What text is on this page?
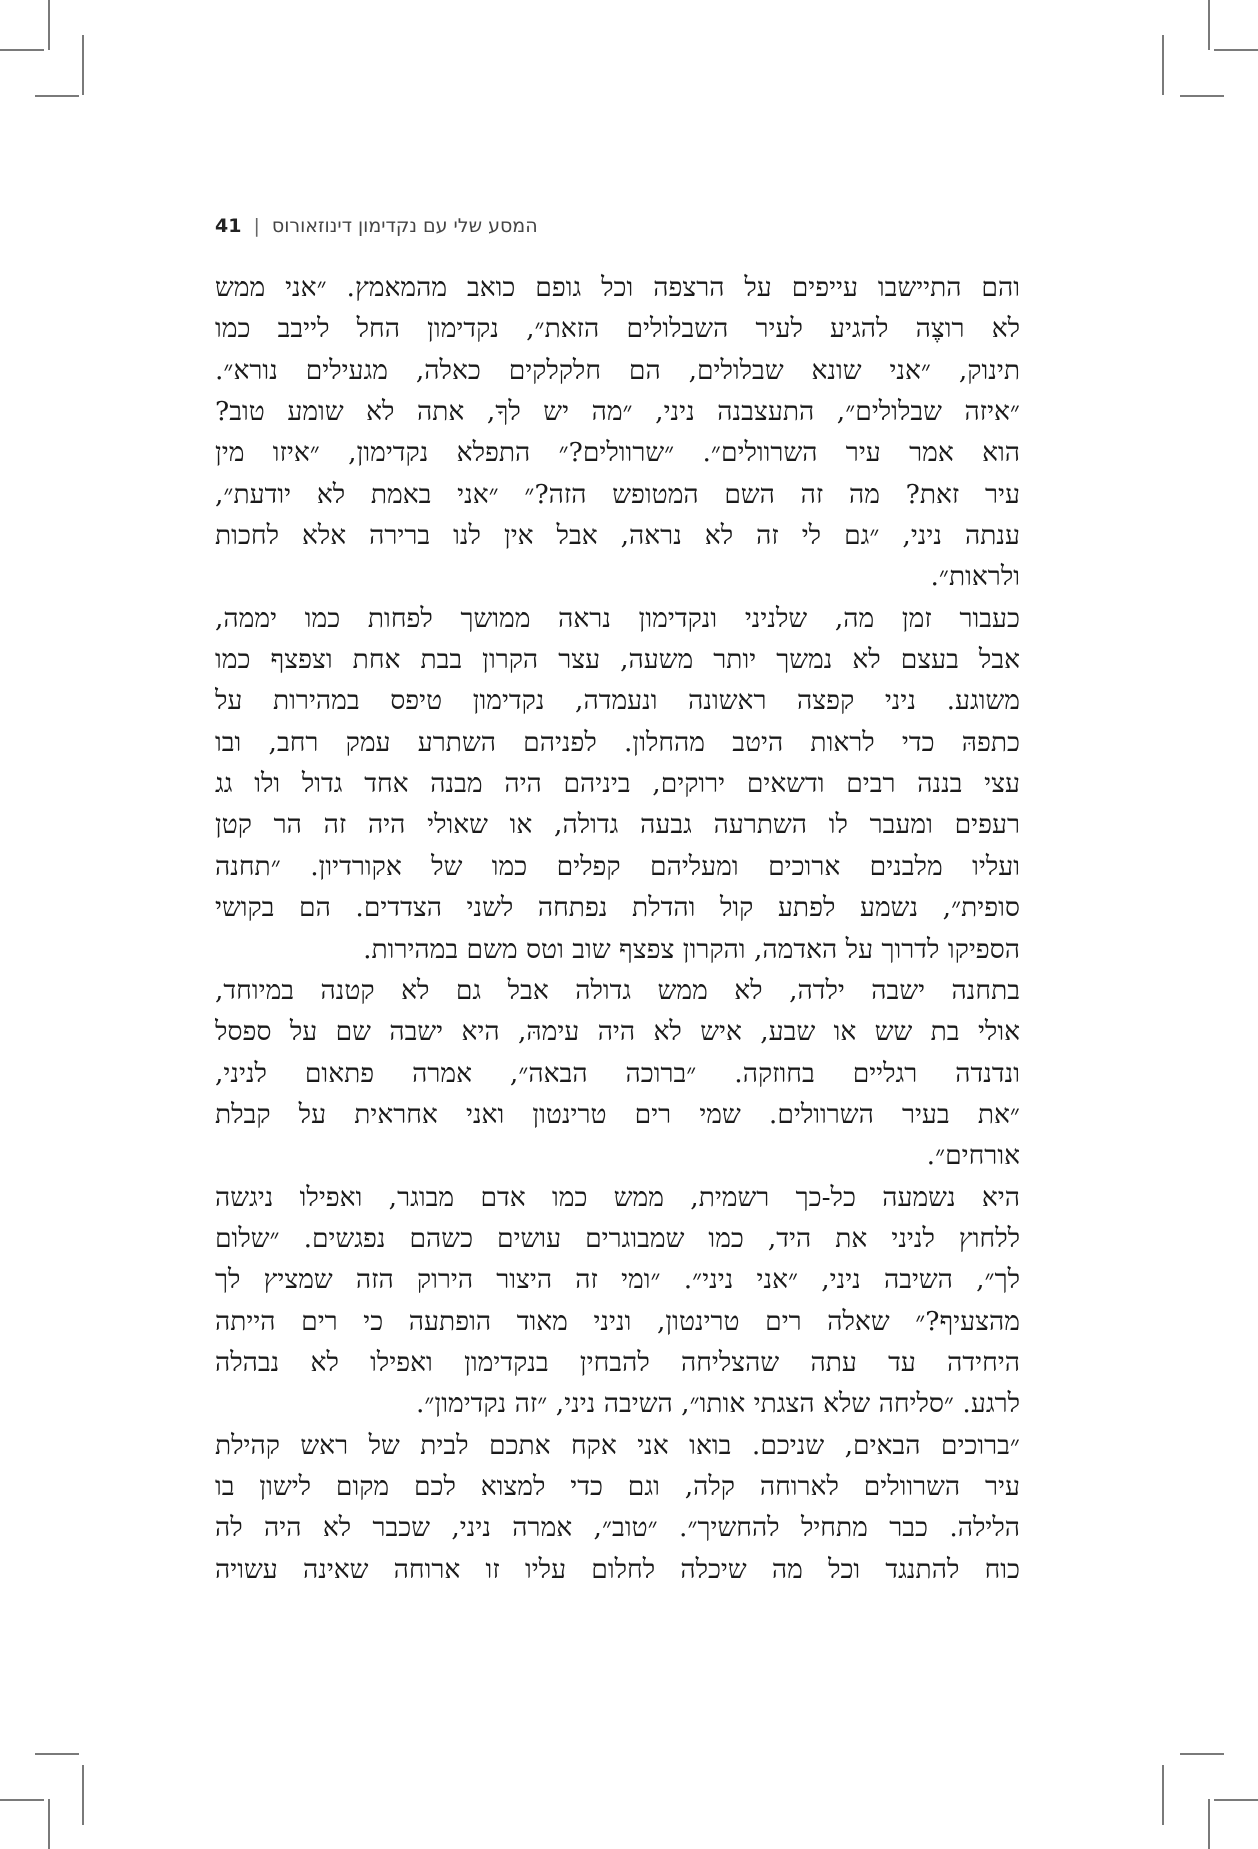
המסע שלי עם נקדימון דינוזאורוס
|
41
והם התיישבו עייפים על הרצפה וכל גופם כואב מהמאמץ. ״אני ממש
לא רוצֶה להגיע לעיר השבלולים הזאת״, נקדימון החל לייבב כמו
תינוק, ״אני שונא שבלולים, הם חלקלקים כאלה, מגעילים נורא״.
״איזה שבלולים״, התעצבנה ניני, ״מה יש לךָ, אתה לא שומע טוב?
הוא אמר עיר השרוולים״. ״שרוולים?״ התפלא נקדימון, ״איזו מין
עיר זאת? מה זה השם המטופש הזה?״ ״אני באמת לא יודעת״,
ענתה ניני, ״גם לי זה לא נראה, אבל אין לנו ברירה אלא לחכות
ולראות״.
כעבור זמן מה, שלניני ונקדימון נראה ממושך לפחות כמו יממה,
אבל בעצם לא נמשך יותר משעה, עצר הקרון בבת אחת וצפצף כמו
משוגע. ניני קפצה ראשונה ונעמדה, נקדימון טיפס במהירות על
כתפהּ כדי לראות היטב מהחלון. לפניהם השתרע עמק רחב, ובו
עצי בננה רבים ודשאים ירוקים, ביניהם היה מבנה אחד גדול ולו גג
רעפים ומעבר לו השתרעה גבעה גדולה, או שאולי היה זה הר קטן
ועליו מלבנים ארוכים ומעליהם קפלים כמו של אקורדיון. ״תחנה
סופית״, נשמע לפתע קול והדלת נפתחה לשני הצדדים. הם בקושי
הספיקו לדרוך על האדמה, והקרון צפצף שוב וטס משם במהירות.
בתחנה ישבה ילדה, לא ממש גדולה אבל גם לא קטנה במיוחד,
אולי בת שש או שבע, איש לא היה עימהּ, היא ישבה שם על ספסל
ונדנדה רגליים בחוזקה. ״ברוכה הבאה״, אמרה פתאום לניני,
״את בעיר השרוולים. שמי רים טרינטון ואני אחראית על קבלת
אורחים״.
היא נשמעה כל-כך רשמית, ממש כמו אדם מבוגר, ואפילו ניגשה
ללחוץ לניני את היד, כמו שמבוגרים עושים כשהם נפגשים. ״שלום
לך״, השיבה ניני, ״אני ניני״. ״ומי זה היצור הירוק הזה שמציץ לך
מהצעיף?״ שאלה רים טרינטון, וניני מאוד הופתעה כי רים הייתה
היחידה עד עתה שהצליחה להבחין בנקדימון ואפילו לא נבהלה
לרגע. ״סליחה שלא הצגתי אותו״, השיבה ניני, ״זה נקדימון״.
״ברוכים הבאים, שניכם. בואו אני אקח אתכם לבית של ראש קהילת
עיר השרוולים לארוחה קלה, וגם כדי למצוא לכם מקום לישון בו
הלילה. כבר מתחיל להחשיך״. ״טוב״, אמרה ניני, שכבר לא היה לה
כוח להתנגד וכל מה שיכלה לחלום עליו זו ארוחה שאינה עשויה
